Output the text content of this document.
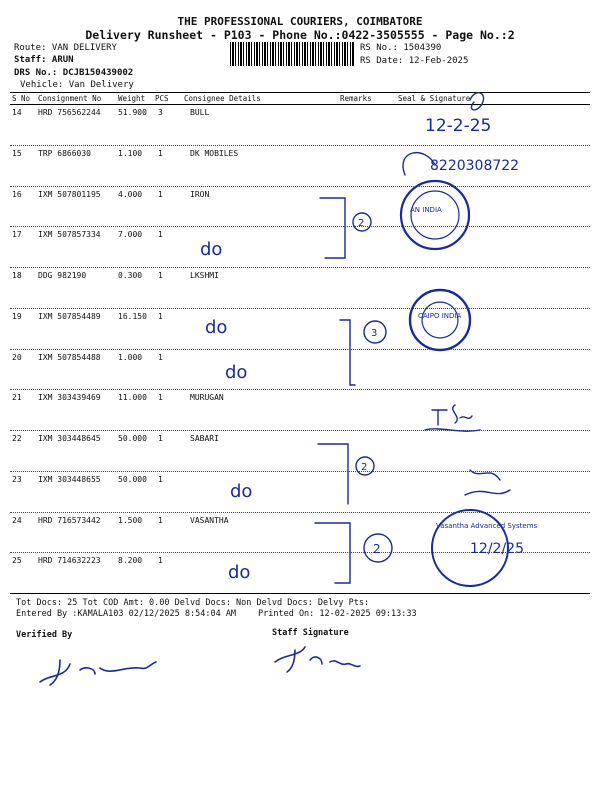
THE PROFESSIONAL COURIERS, COIMBATORE
Delivery Runsheet - P103 - Phone No.:0422-3505555 - Page No.:2
Route: VAN DELIVERY
Staff: ARUN
DRS No.: DCJB150439002
Vehicle: Van Delivery
RS No.: 1504390
RS Date: 12-Feb-2025
S No Consignment No Weight PCS Consignee Details	Remarks	Seal & Signature
14 HRD 756562244 51.900 3	BULL
15 TRP 6866030	1.100 1	DK MOBILES
16 IXM 507801195 4.000 1	IRON
17 IXM 507857334 7.000 1
18 DDG 982190	0.300 1	LKSHMI
19 IXM 507854489 16.150 1
20 IXM 507854488 1.000 1
21 IXM 303439469 11.000 1	MURUGAN
22 IXM 303448645 50.000 1	SABARI
23 IXM 303448655 50.000 1
24 HRD 716573442 1.500 1	VASANTHA
25 HRD 714632223 8.200 1
Tot Docs: 25 Tot COD Amt: 0.00 Delvd Docs: Non Delvd Docs: Delvy Pts:
Entered By :KAMALA103 02/12/2025 8:54:04 AM	Printed On: 12-02-2025 09:13:33
Verified By	Staff Signature
12-2-25
8220308722
AN INDIA
2
do
CAIPO INDIA
3
do
do
2
do
Vasantha Advanced Systems
12/2/25
2
do
